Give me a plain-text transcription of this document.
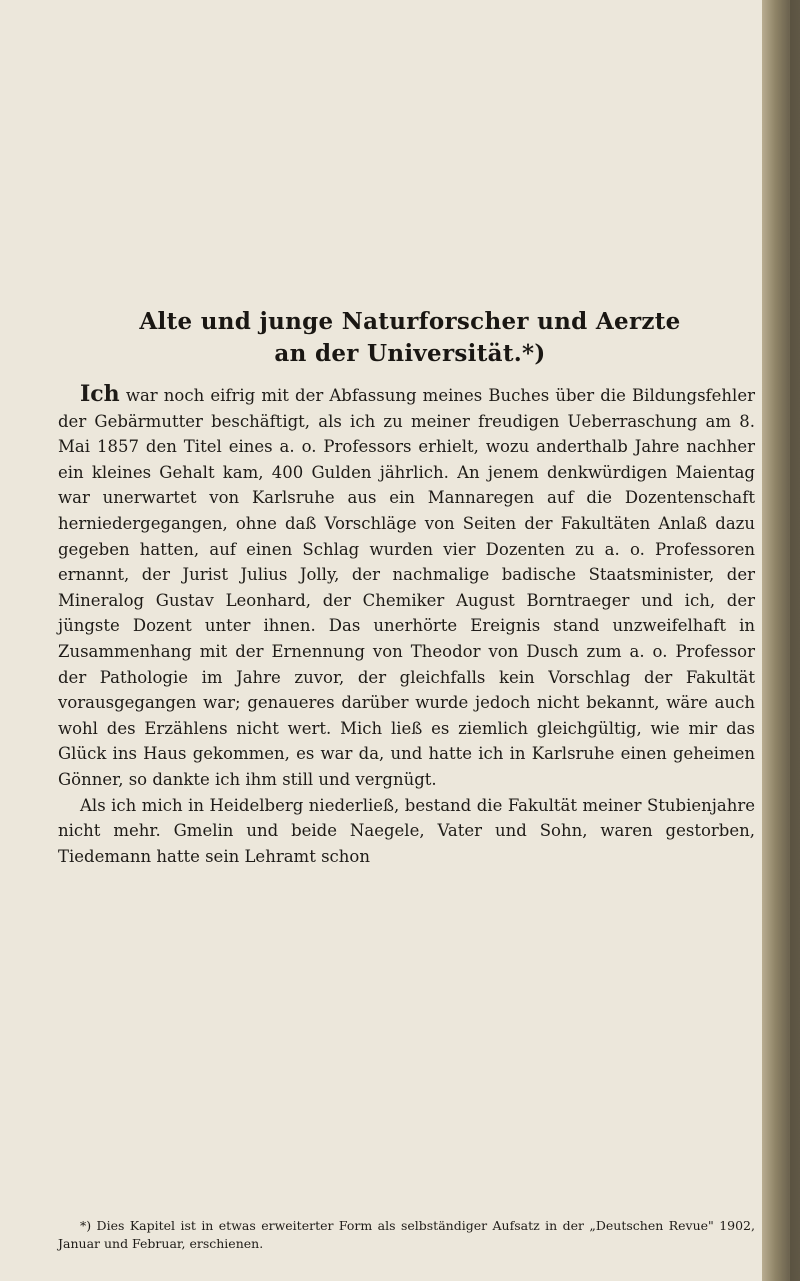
Alte und junge Naturforscher und Aerzte
an der Universität.*)

Ich war noch eifrig mit der Abfassung meines Buches über die Bildungsfehler der Gebärmutter beschäftigt, als ich zu meiner freudigen Ueberraschung am 8. Mai 1857 den Titel eines a. o. Professors erhielt, wozu anderthalb Jahre nachher ein kleines Gehalt kam, 400 Gulden jährlich. An jenem denkwürdigen Maientag war unerwartet von Karlsruhe aus ein Mannaregen auf die Dozentenschaft herniedergegangen, ohne daß Vorschläge von Seiten der Fakultäten Anlaß dazu gegeben hatten, auf einen Schlag wurden vier Dozenten zu a. o. Professoren ernannt, der Jurist Julius Jolly, der nachmalige badische Staatsminister, der Mineralog Gustav Leonhard, der Chemiker August Borntraeger und ich, der jüngste Dozent unter ihnen. Das unerhörte Ereignis stand unzweifelhaft in Zusammenhang mit der Ernennung von Theodor von Dusch zum a. o. Professor der Pathologie im Jahre zuvor, der gleichfalls kein Vorschlag der Fakultät vorausgegangen war; genaueres darüber wurde jedoch nicht bekannt, wäre auch wohl des Erzählens nicht wert. Mich ließ es ziemlich gleichgültig, wie mir das Glück ins Haus gekommen, es war da, und hatte ich in Karlsruhe einen geheimen Gönner, so dankte ich ihm still und vergnügt.

Als ich mich in Heidelberg niederließ, bestand die Fakultät meiner Stubienjahre nicht mehr. Gmelin und beide Naegele, Vater und Sohn, waren gestorben, Tiedemann hatte sein Lehramt schon

*) Dies Kapitel ist in etwas erweiterter Form als selbständiger Aufsatz in der „Deutschen Revue" 1902, Januar und Februar, erschienen.
